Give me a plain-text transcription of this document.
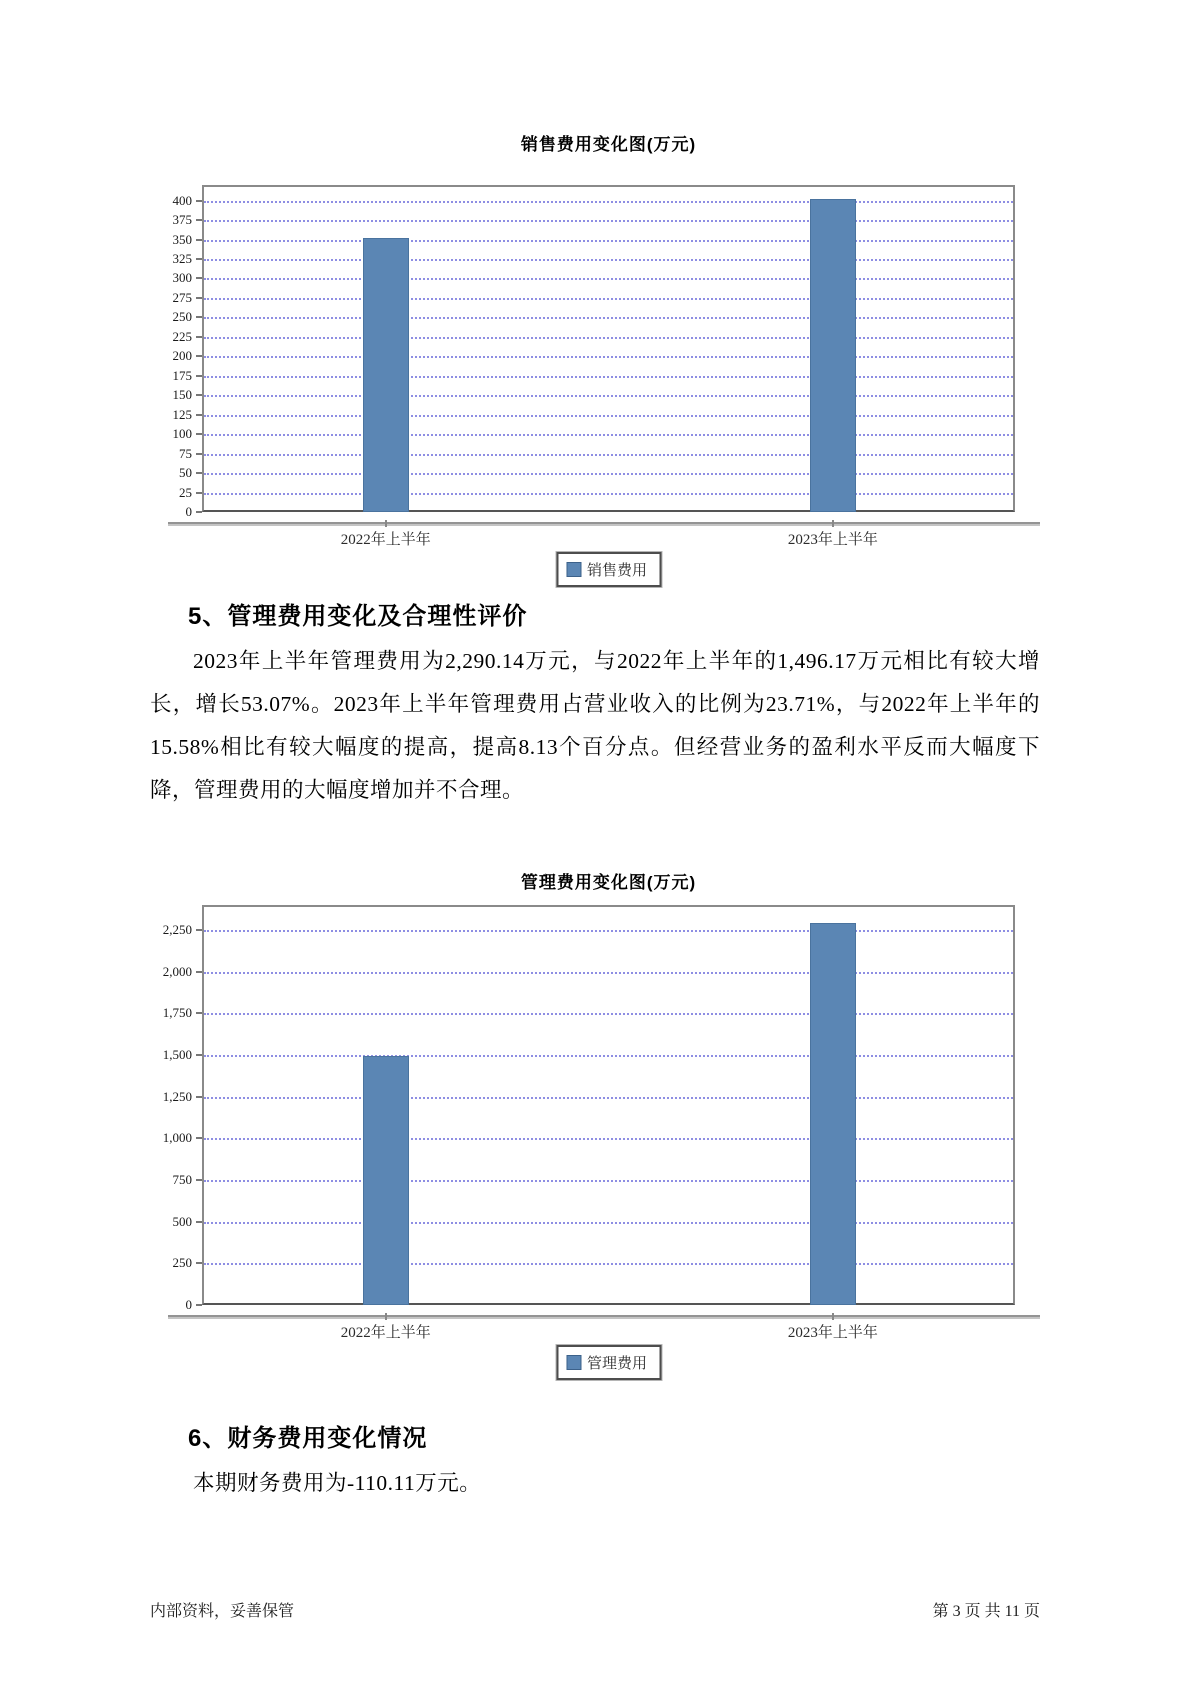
销售费用变化图(万元)
销售费用
0
25
50
75
100
125
150
175
200
225
250
275
300
325
350
375
400
2022年上半年	2023年上半年
5、管理费用变化及合理性评价

2023年上半年管理费用为2,290.14万元，与2022年上半年的1,496.17万元相比有较大增长，增长53.07%。2023年上半年管理费用占营业收入的比例为23.71%，与2022年上半年的15.58%相比有较大幅度的提高，提高8.13个百分点。但经营业务的盈利水平反而大幅度下降，管理费用的大幅度增加并不合理。

管理费用变化图(万元)
管理费用
0
250
500
750
1,000
1,250
1,500
1,750
2,000
2,250
2022年上半年	2023年上半年
6、财务费用变化情况

本期财务费用为-110.11万元。

内部资料，妥善保管	第 3 页 共 11 页
